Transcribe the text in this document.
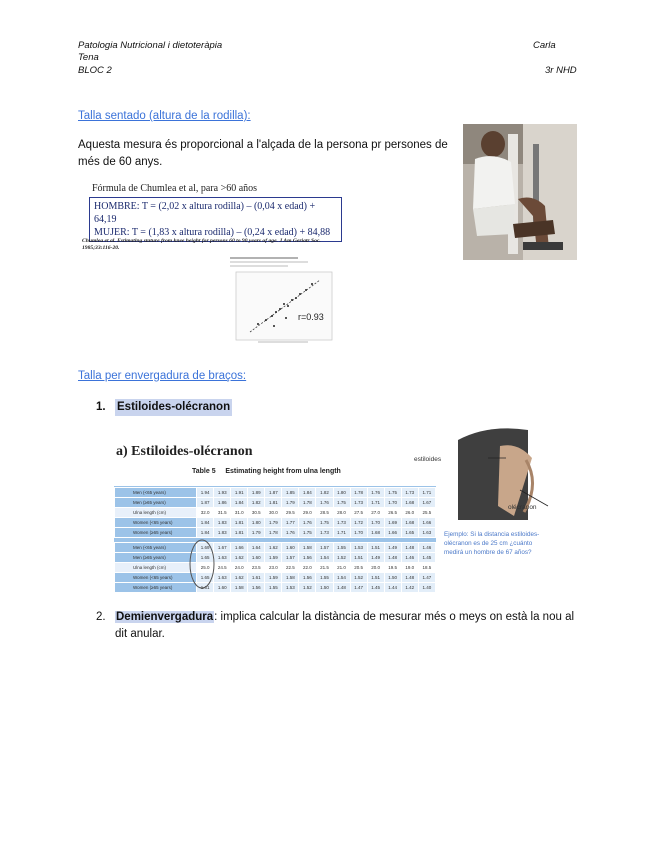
Patologia Nutricional i dietoteràpia	Carla
Tena
BLOC 2	3r NHD
Talla sentado (altura de la rodilla):
Aquesta mesura és proporcional a l'alçada de la persona pr persones de més de 60 anys.
Fórmula de Chumlea et al, para >60 años
HOMBRE: T = (2,02 x altura rodilla) – (0,04 x edad) + 64,19
MUJER: T = (1,83 x altura rodilla) – (0,24 x edad) + 84,88
Chumlea et al. Estimating stature from knee height for persons 60 to 90 years of age. J Am Geriatr Soc. 1985;33:116-20.
r=0.93
Talla per envergadura de braços:
1. Estiloides-olécranon
a) Estiloides-olécranon
Table 5     Estimating height from ulna length
Men (<65 years)	1.94	1.93	1.91	1.89	1.87	1.85	1.84	1.82	1.80	1.78	1.76	1.75	1.73	1.71
Men (≥65 years)	1.87	1.86	1.84	1.82	1.81	1.79	1.78	1.76	1.75	1.73	1.71	1.70	1.68	1.67
Ulna length (cm)	32.0	31.5	31.0	30.5	30.0	29.5	29.0	28.5	28.0	27.5	27.0	26.5	26.0	25.5
Women (<65 years)	1.84	1.83	1.81	1.80	1.79	1.77	1.76	1.75	1.73	1.72	1.70	1.69	1.68	1.66
Women (≥65 years)	1.84	1.83	1.81	1.79	1.78	1.76	1.75	1.73	1.71	1.70	1.68	1.66	1.65	1.63
Men (<65 years)	1.69	1.67	1.66	1.64	1.62	1.60	1.58	1.57	1.55	1.53	1.51	1.49	1.48	1.46
Men (≥65 years)	1.65	1.63	1.62	1.60	1.59	1.57	1.56	1.54	1.52	1.51	1.49	1.48	1.46	1.45
Ulna length (cm)	25.0	24.5	24.0	23.5	23.0	22.5	22.0	21.5	21.0	20.5	20.0	19.5	19.0	18.5
Women (<65 years)	1.65	1.63	1.62	1.61	1.59	1.58	1.56	1.55	1.54	1.52	1.51	1.50	1.48	1.47
Women (≥65 years)	1.61	1.60	1.58	1.56	1.55	1.53	1.52	1.50	1.48	1.47	1.45	1.44	1.42	1.40
estiloides
olécranon
Ejemplo: Si la distancia estiloides-olécranon es de 25 cm ¿cuánto medirá un hombre de 67 años?
2. Demienvergadura: implica calcular la distància de mesurar més o meys on està la nou al dit anular.
